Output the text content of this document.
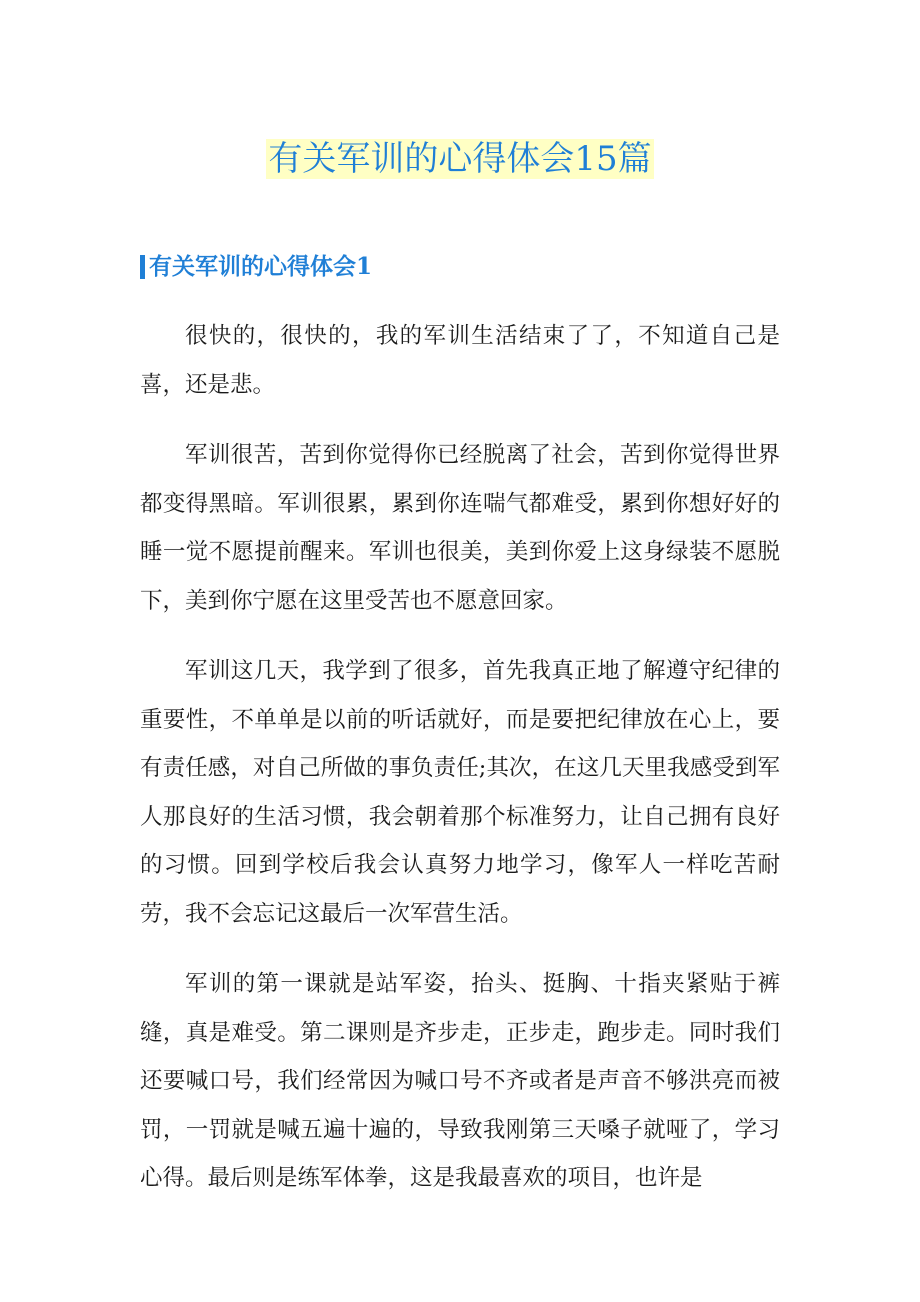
有关军训的心得体会15篇
有关军训的心得体会1

很快的，很快的，我的军训生活结束了了，不知道自己是喜，还是悲。

军训很苦，苦到你觉得你已经脱离了社会，苦到你觉得世界都变得黑暗。军训很累，累到你连喘气都难受，累到你想好好的睡一觉不愿提前醒来。军训也很美，美到你爱上这身绿装不愿脱下，美到你宁愿在这里受苦也不愿意回家。

军训这几天，我学到了很多，首先我真正地了解遵守纪律的重要性，不单单是以前的听话就好，而是要把纪律放在心上，要有责任感，对自己所做的事负责任;其次，在这几天里我感受到军人那良好的生活习惯，我会朝着那个标准努力，让自己拥有良好的习惯。回到学校后我会认真努力地学习，像军人一样吃苦耐劳，我不会忘记这最后一次军营生活。

军训的第一课就是站军姿，抬头、挺胸、十指夹紧贴于裤缝，真是难受。第二课则是齐步走，正步走，跑步走。同时我们还要喊口号，我们经常因为喊口号不齐或者是声音不够洪亮而被罚，一罚就是喊五遍十遍的，导致我刚第三天嗓子就哑了，学习心得。最后则是练军体拳，这是我最喜欢的项目，也许是
